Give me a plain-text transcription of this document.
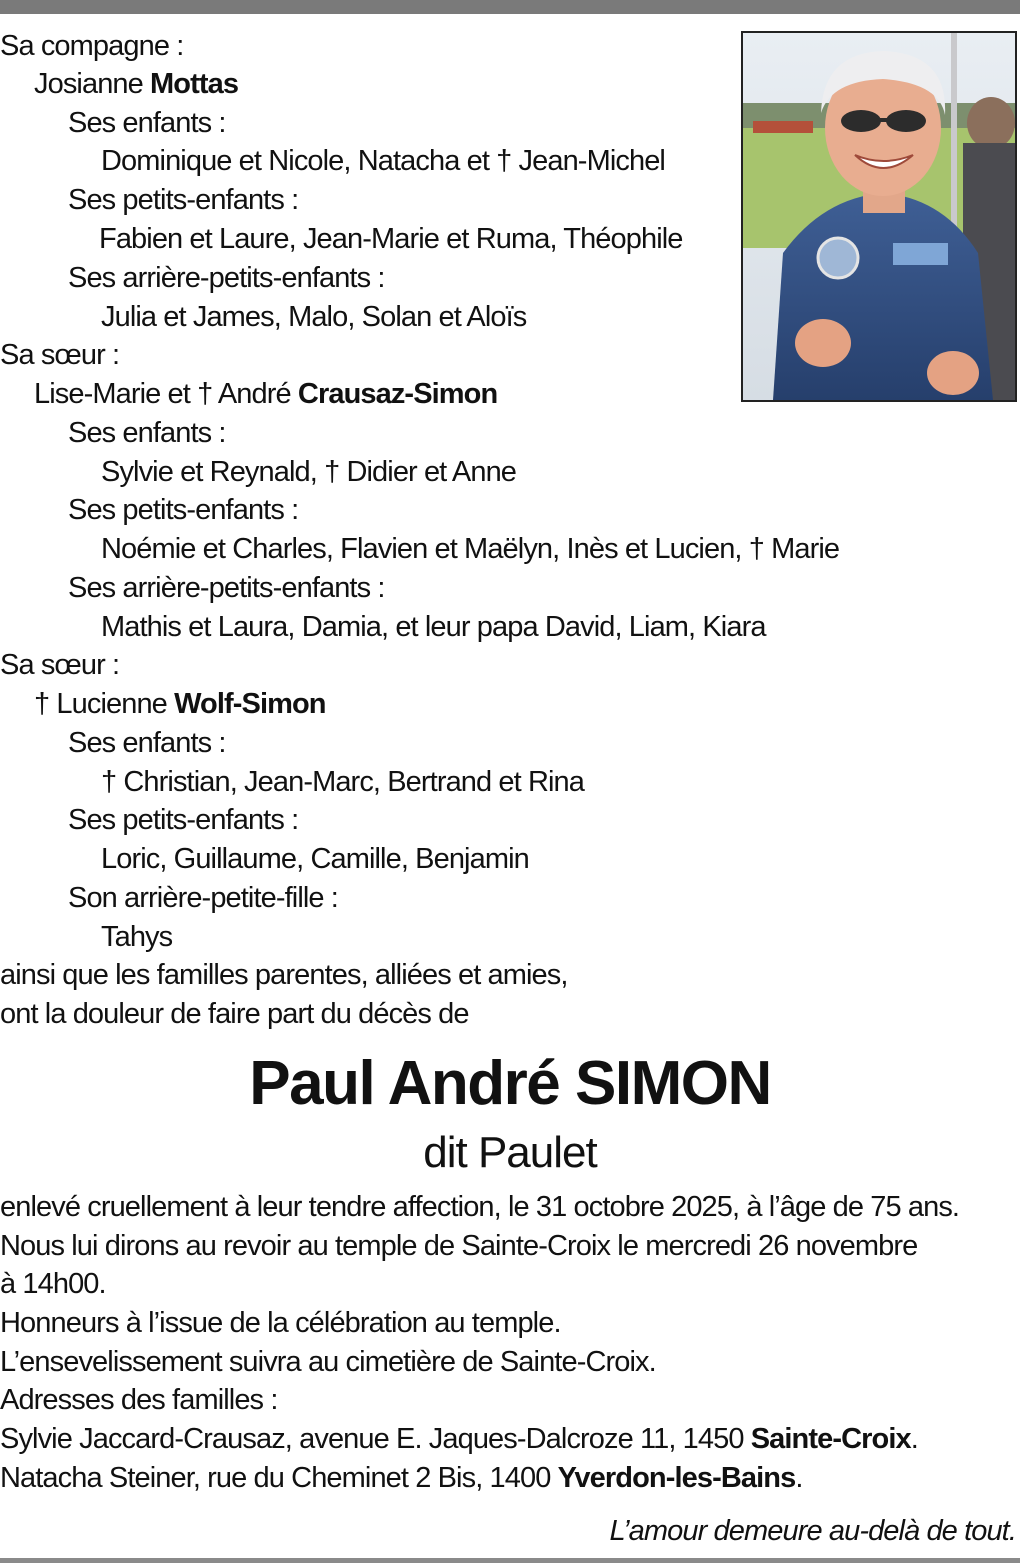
Sa compagne :
Josianne Mottas
Ses enfants :
Dominique et Nicole, Natacha et † Jean-Michel
Ses petits-enfants :
Fabien et Laure, Jean-Marie et Ruma, Théophile
Ses arrière-petits-enfants :
Julia et James, Malo, Solan et Aloïs
Sa sœur :
Lise-Marie et † André Crausaz-Simon
Ses enfants :
Sylvie et Reynald, † Didier et Anne
Ses petits-enfants :
Noémie et Charles, Flavien et Maëlyn, Inès et Lucien, † Marie
Ses arrière-petits-enfants :
Mathis et Laura, Damia, et leur papa David, Liam, Kiara
Sa sœur :
† Lucienne Wolf-Simon
Ses enfants :
† Christian, Jean-Marc, Bertrand et Rina
Ses petits-enfants :
Loric, Guillaume, Camille, Benjamin
Son arrière-petite-fille :
Tahys
ainsi que les familles parentes, alliées et amies,
ont la douleur de faire part du décès de
Paul André SIMON
dit Paulet
enlevé cruellement à leur tendre affection, le 31 octobre 2025, à l’âge de 75 ans.
Nous lui dirons au revoir au temple de Sainte-Croix le mercredi 26 novembre
à 14h00.
Honneurs à l’issue de la célébration au temple.
L’ensevelissement suivra au cimetière de Sainte-Croix.
Adresses des familles :
Sylvie Jaccard-Crausaz, avenue E. Jaques-Dalcroze 11, 1450 Sainte-Croix.
Natacha Steiner, rue du Cheminet 2 Bis, 1400 Yverdon-les-Bains.
L’amour demeure au-delà de tout.
